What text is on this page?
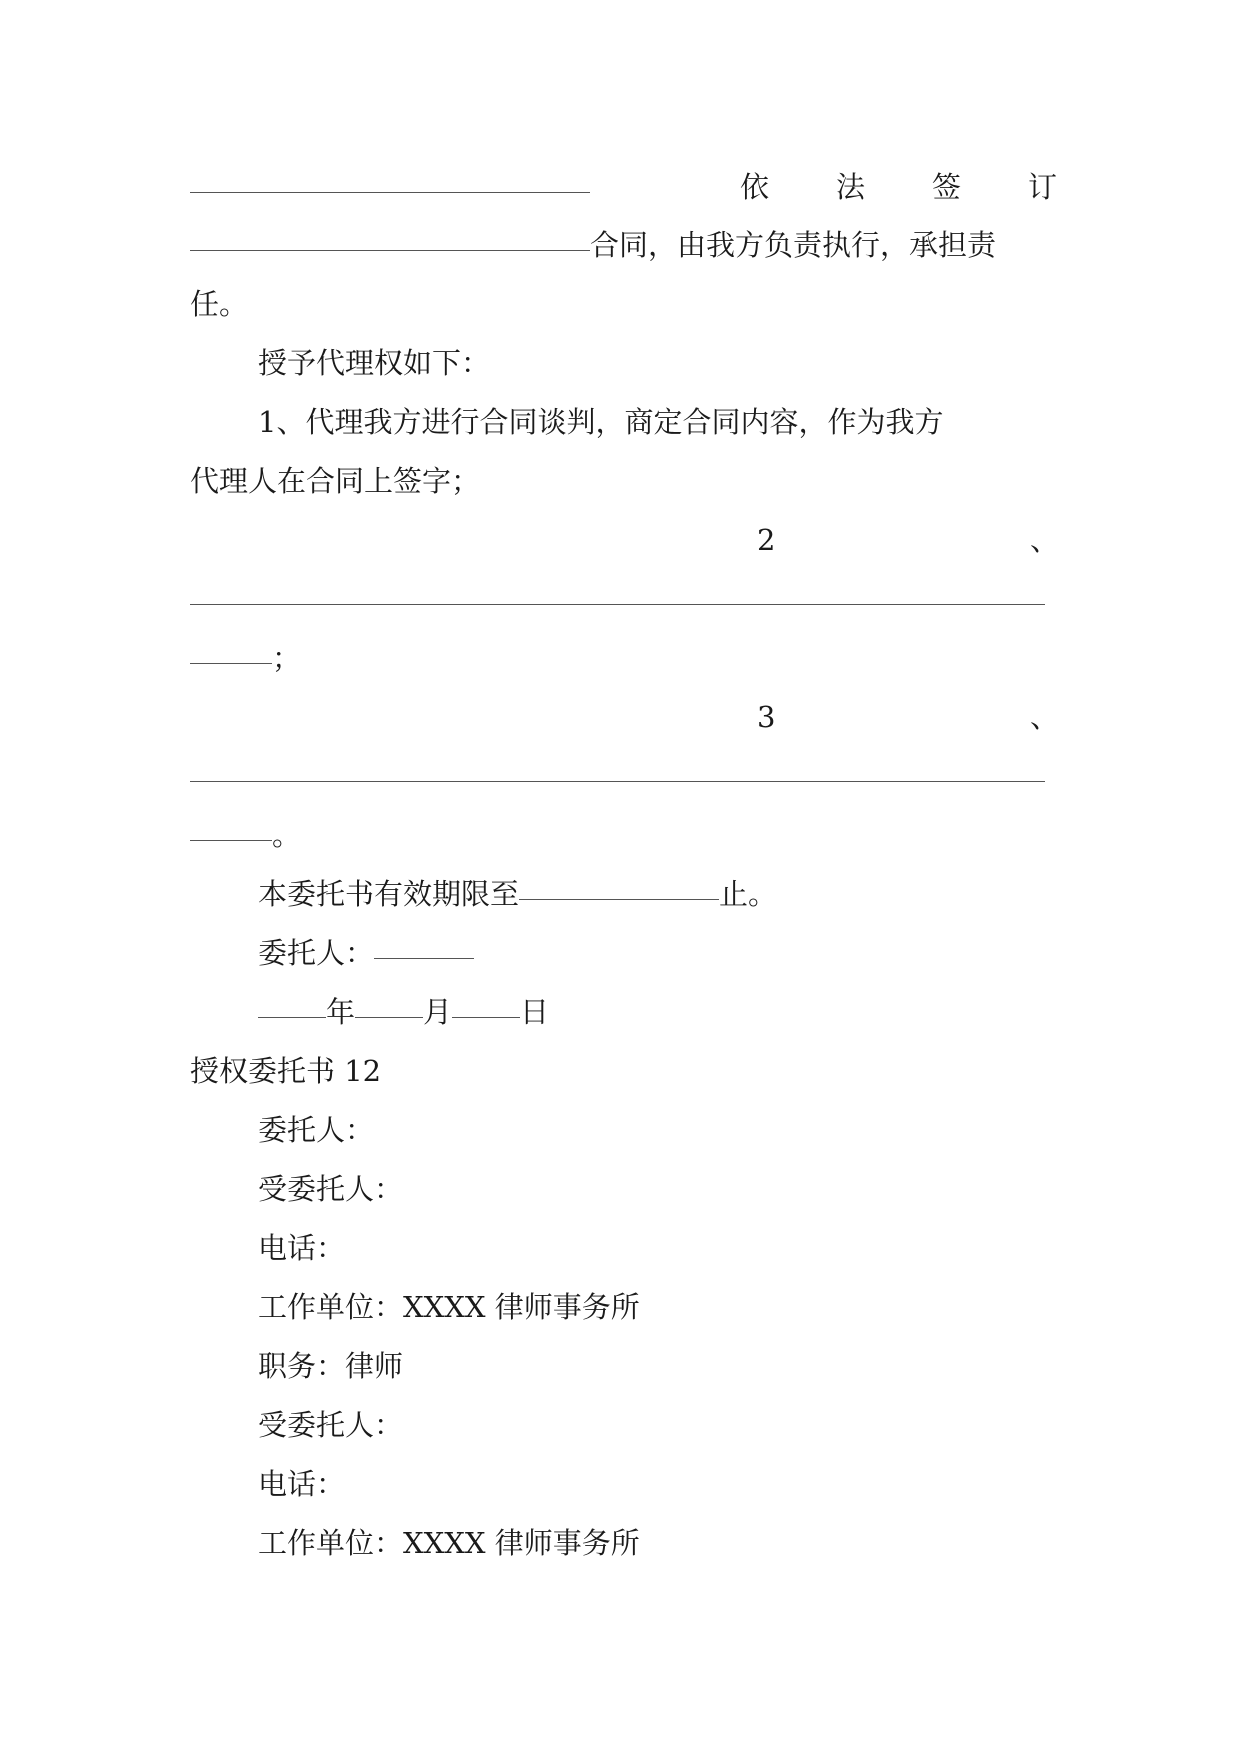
依 法 签 订
合同，由我方负责执行，承担责
任。
授予代理权如下：
1、代理我方进行合同谈判，商定合同内容，作为我方
代理人在合同上签字；
2	、
；
3	、
。
本委托书有效期限至	止。
委托人：
年 月 日
授权委托书 12
委托人：
受委托人：
电话：
工作单位：XXXX 律师事务所
职务：律师
受委托人：
电话：
工作单位：XXXX 律师事务所
